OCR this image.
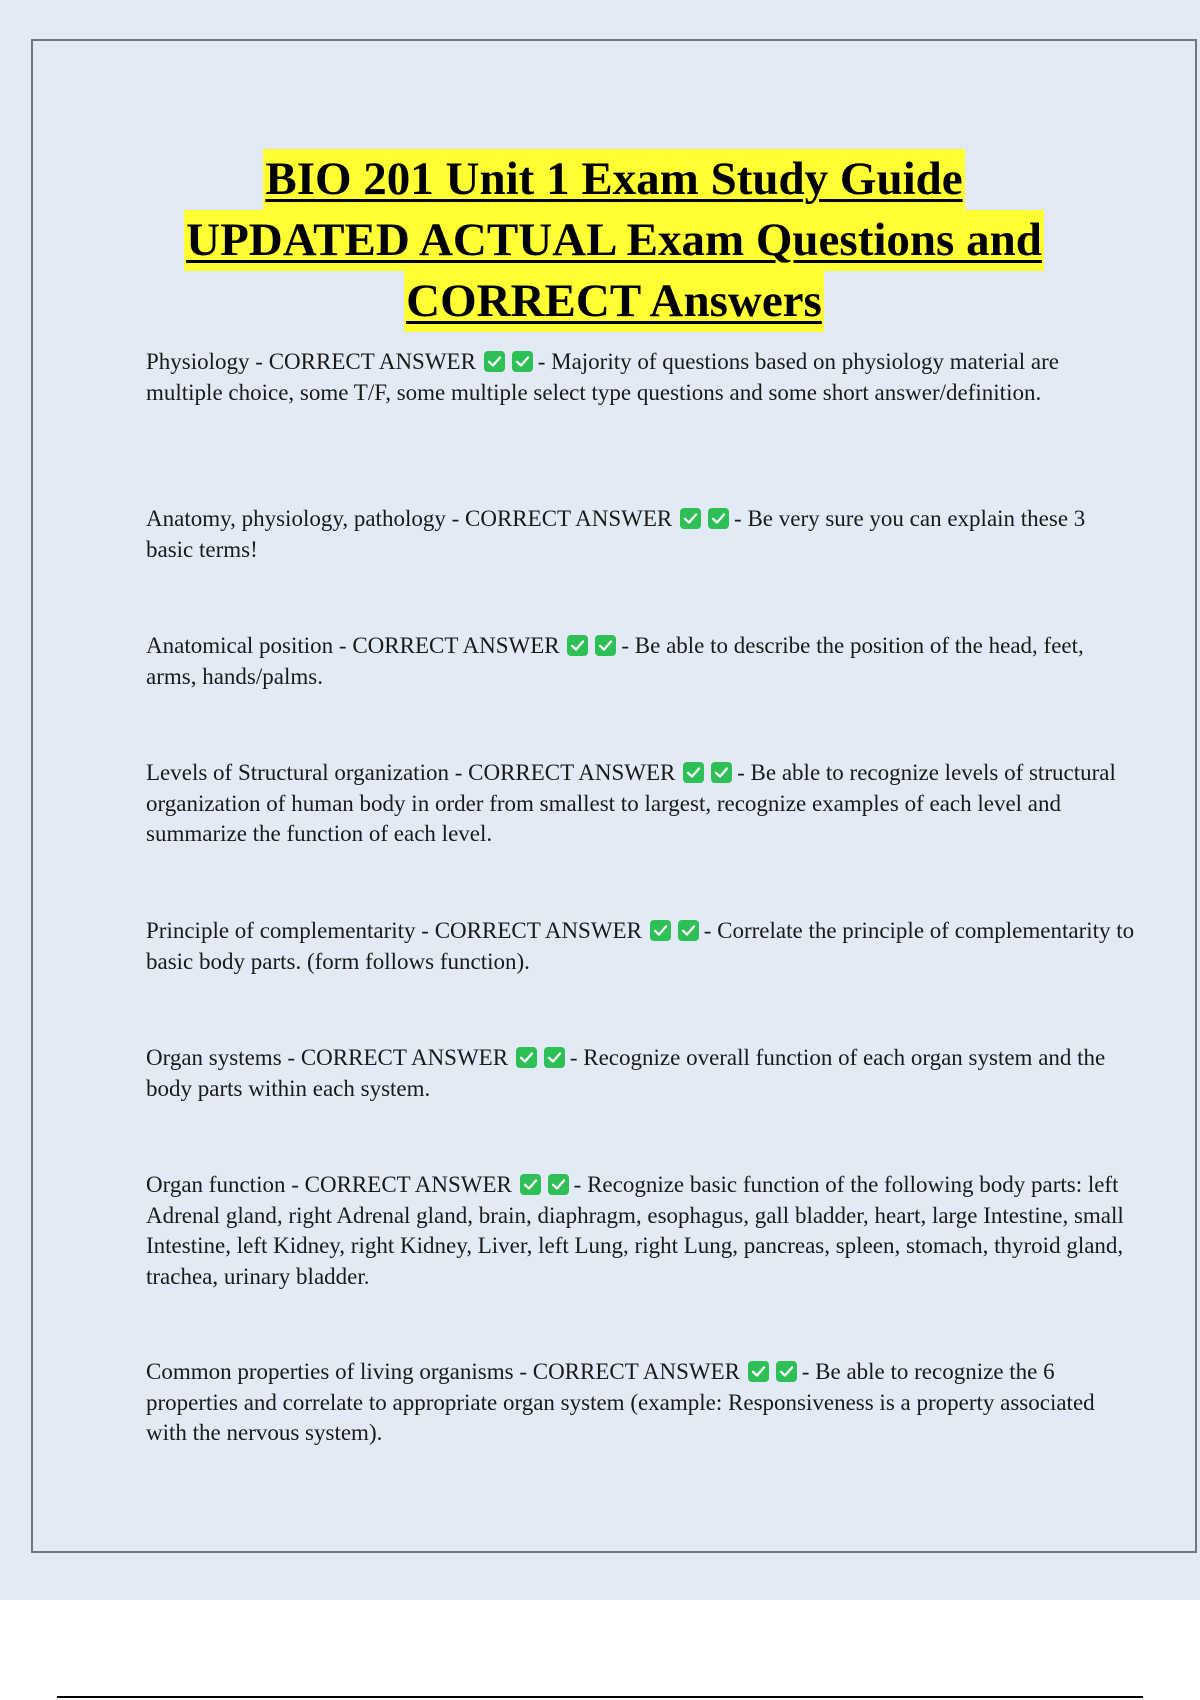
BIO 201 Unit 1 Exam Study Guide
UPDATED ACTUAL Exam Questions and
CORRECT Answers

Physiology - CORRECT ANSWER	- Majority of questions based on physiology material are multiple choice, some T/F, some multiple select type questions and some short answer/definition.

Anatomy, physiology, pathology - CORRECT ANSWER	- Be very sure you can explain these 3 basic terms!

Anatomical position - CORRECT ANSWER	- Be able to describe the position of the head, feet, arms, hands/palms.

Levels of Structural organization - CORRECT ANSWER	- Be able to recognize levels of structural organization of human body in order from smallest to largest, recognize examples of each level and summarize the function of each level.

Principle of complementarity - CORRECT ANSWER	- Correlate the principle of complementarity to basic body parts. (form follows function).

Organ systems - CORRECT ANSWER	- Recognize overall function of each organ system and the body parts within each system.

Organ function - CORRECT ANSWER	- Recognize basic function of the following body parts: left Adrenal gland, right Adrenal gland, brain, diaphragm, esophagus, gall bladder, heart, large Intestine, small Intestine, left Kidney, right Kidney, Liver, left Lung, right Lung, pancreas, spleen, stomach, thyroid gland, trachea, urinary bladder.

Common properties of living organisms - CORRECT ANSWER	- Be able to recognize the 6 properties and correlate to appropriate organ system (example: Responsiveness is a property associated with the nervous system).
